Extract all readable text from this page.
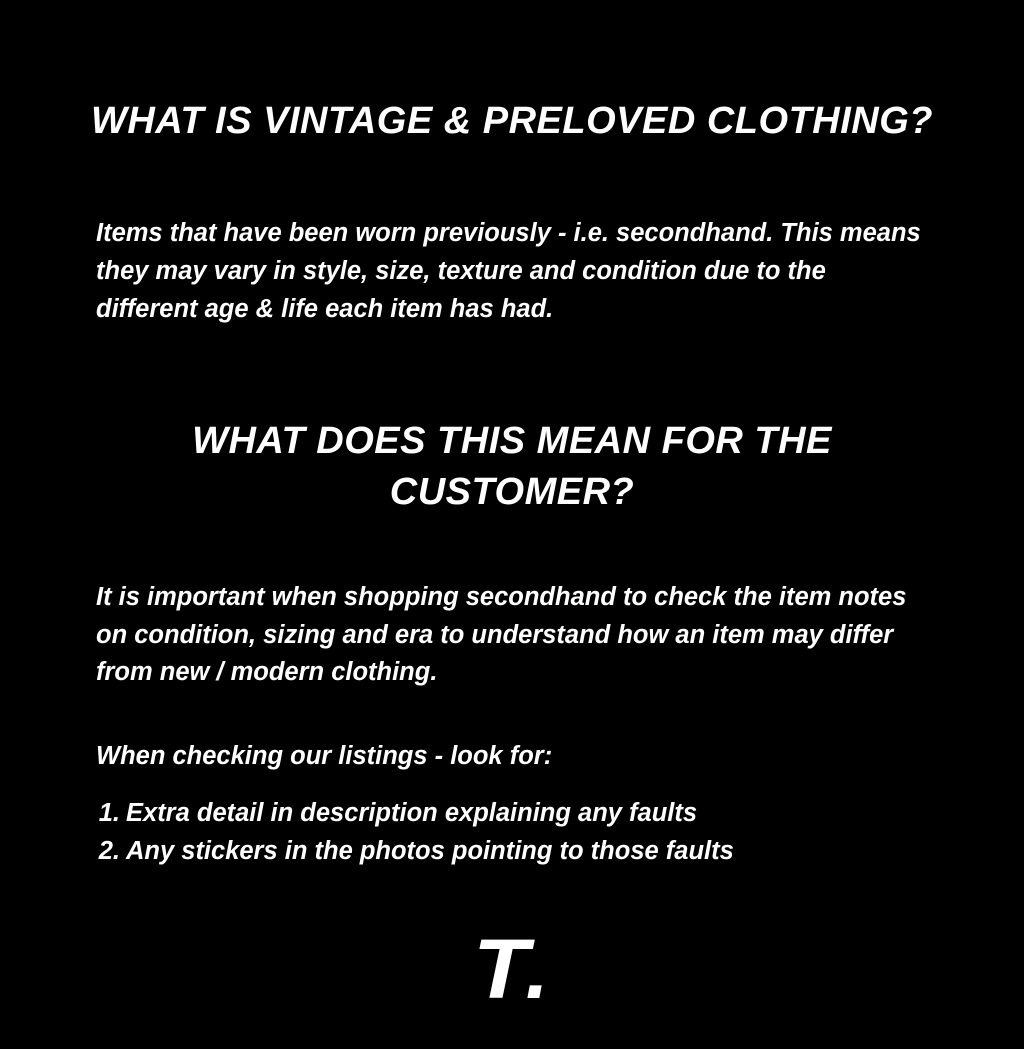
WHAT IS VINTAGE & PRELOVED CLOTHING?

Items that have been worn previously - i.e. secondhand. This means they may vary in style, size, texture and condition due to the different age & life each item has had.

WHAT DOES THIS MEAN FOR THE CUSTOMER?

It is important when shopping secondhand to check the item notes on condition, sizing and era to understand how an item may differ from new / modern clothing.

When checking our listings - look for:

Extra detail in description explaining any faults
Any stickers in the photos pointing to those faults
T .
